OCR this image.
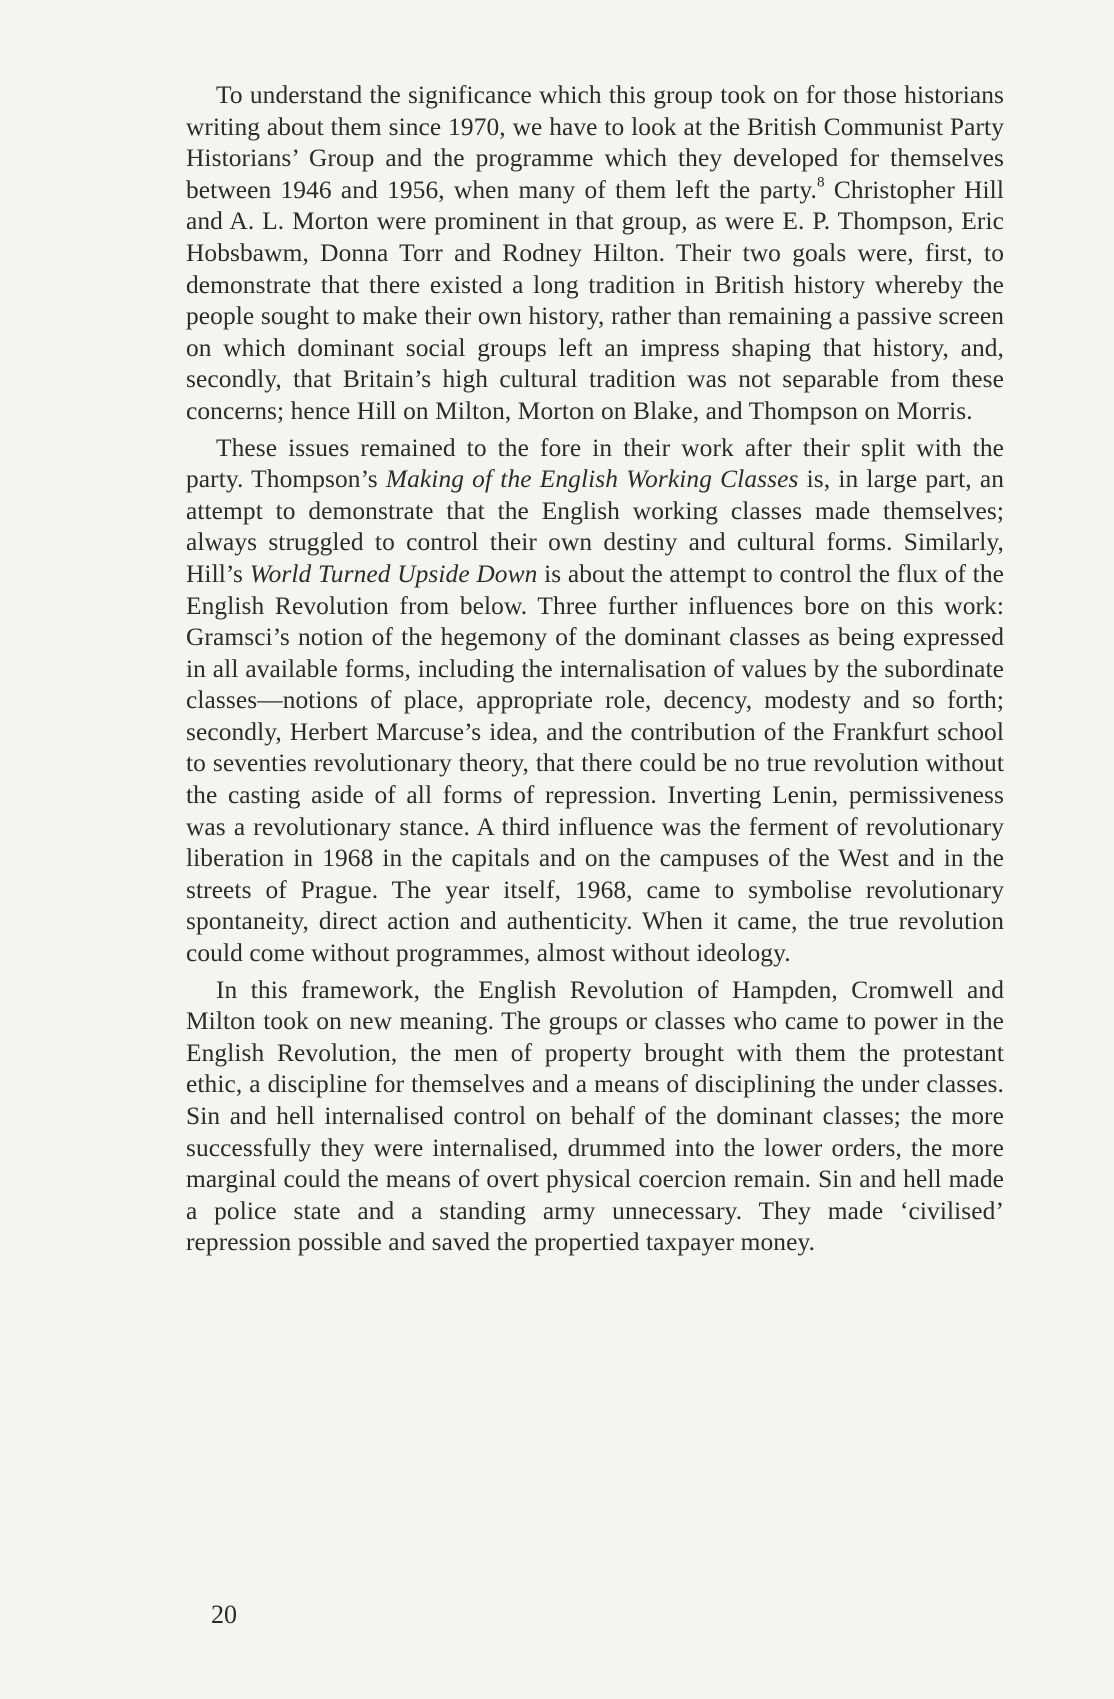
To understand the significance which this group took on for those historians writing about them since 1970, we have to look at the British Communist Party Historians’ Group and the programme which they developed for themselves between 1946 and 1956, when many of them left the party.$^8$ Christopher Hill and A. L. Morton were prominent in that group, as were E. P. Thompson, Eric Hobsbawm, Donna Torr and Rodney Hilton. Their two goals were, first, to demonstrate that there existed a long tradition in British history whereby the people sought to make their own history, rather than remaining a passive screen on which dominant social groups left an impress shaping that history, and, secondly, that Britain’s high cultural tradition was not separable from these concerns; hence Hill on Milton, Morton on Blake, and Thompson on Morris.

These issues remained to the fore in their work after their split with the party. Thompson’s Making of the English Working Classes is, in large part, an attempt to demonstrate that the English working classes made themselves; always struggled to control their own destiny and cultural forms. Similarly, Hill’s World Turned Upside Down is about the attempt to control the flux of the English Revolution from below. Three further influences bore on this work: Gramsci’s notion of the hegemony of the dominant classes as being expressed in all available forms, including the internalisation of values by the subordinate classes—notions of place, appropriate role, decency, modesty and so forth; secondly, Herbert Marcuse’s idea, and the contribution of the Frankfurt school to seventies revolutionary theory, that there could be no true revolution without the casting aside of all forms of repression. Inverting Lenin, permissiveness was a revolutionary stance. A third influence was the ferment of revolutionary liberation in 1968 in the capitals and on the campuses of the West and in the streets of Prague. The year itself, 1968, came to symbolise revolutionary spontaneity, direct action and authenticity. When it came, the true revolution could come without programmes, almost without ideology.

In this framework, the English Revolution of Hampden, Cromwell and Milton took on new meaning. The groups or classes who came to power in the English Revolution, the men of property brought with them the protestant ethic, a discipline for themselves and a means of disciplining the under classes. Sin and hell internalised control on behalf of the dominant classes; the more successfully they were internalised, drummed into the lower orders, the more marginal could the means of overt physical coercion remain. Sin and hell made a police state and a standing army unnecessary. They made ‘civilised’ repression possible and saved the propertied taxpayer money.

20
